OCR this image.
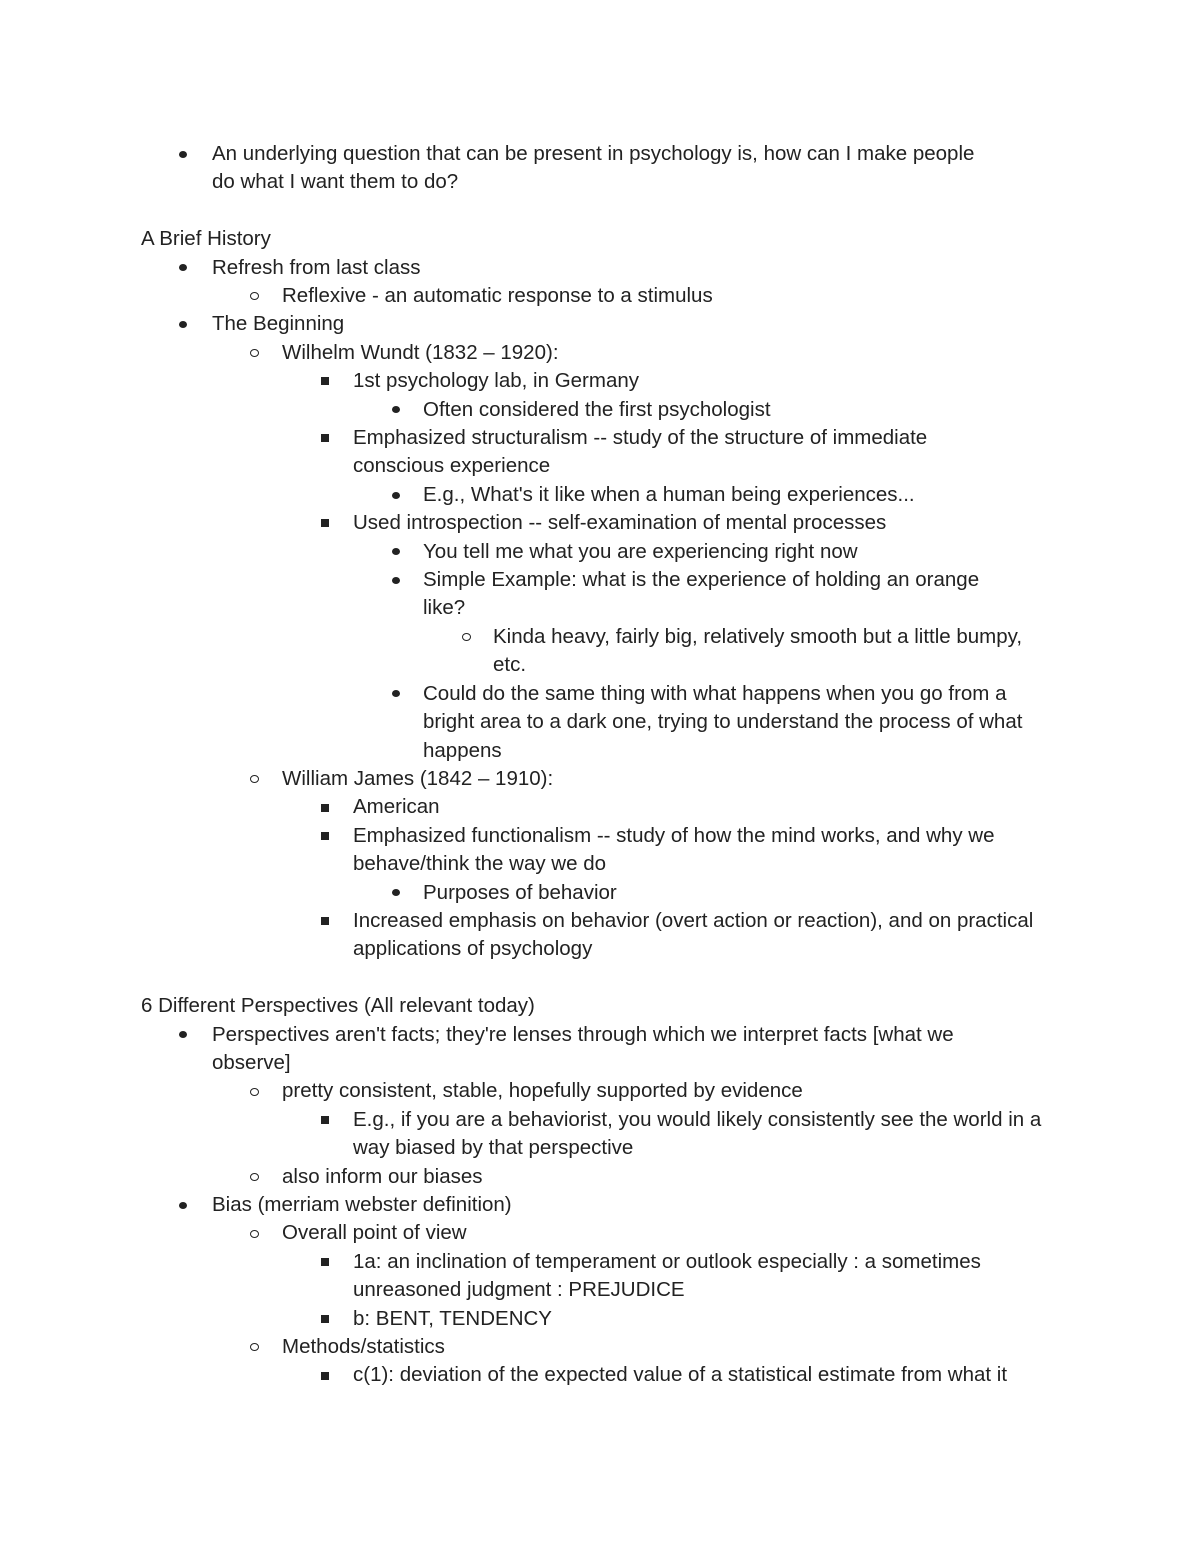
An underlying question that can be present in psychology is, how can I make people do what I want them to do?
A Brief History
Refresh from last class
Reflexive - an automatic response to a stimulus
The Beginning
Wilhelm Wundt (1832 – 1920):
1st psychology lab, in Germany
Often considered the first psychologist
Emphasized structuralism -- study of the structure of immediate conscious experience
E.g., What's it like when a human being experiences...
Used introspection -- self-examination of mental processes
You tell me what you are experiencing right now
Simple Example: what is the experience of holding an orange like?
Kinda heavy, fairly big, relatively smooth but a little bumpy, etc.
Could do the same thing with what happens when you go from a bright area to a dark one, trying to understand the process of what happens
William James (1842 – 1910):
American
Emphasized functionalism -- study of how the mind works, and why we behave/think the way we do
Purposes of behavior
Increased emphasis on behavior (overt action or reaction), and on practical applications of psychology
6 Different Perspectives (All relevant today)
Perspectives aren't facts; they're lenses through which we interpret facts [what we observe]
pretty consistent, stable, hopefully supported by evidence
E.g., if you are a behaviorist, you would likely consistently see the world in a way biased by that perspective
also inform our biases
Bias (merriam webster definition)
Overall point of view
1a: an inclination of temperament or outlook especially : a sometimes unreasoned judgment : PREJUDICE
b: BENT, TENDENCY
Methods/statistics
c(1): deviation of the expected value of a statistical estimate from what it
